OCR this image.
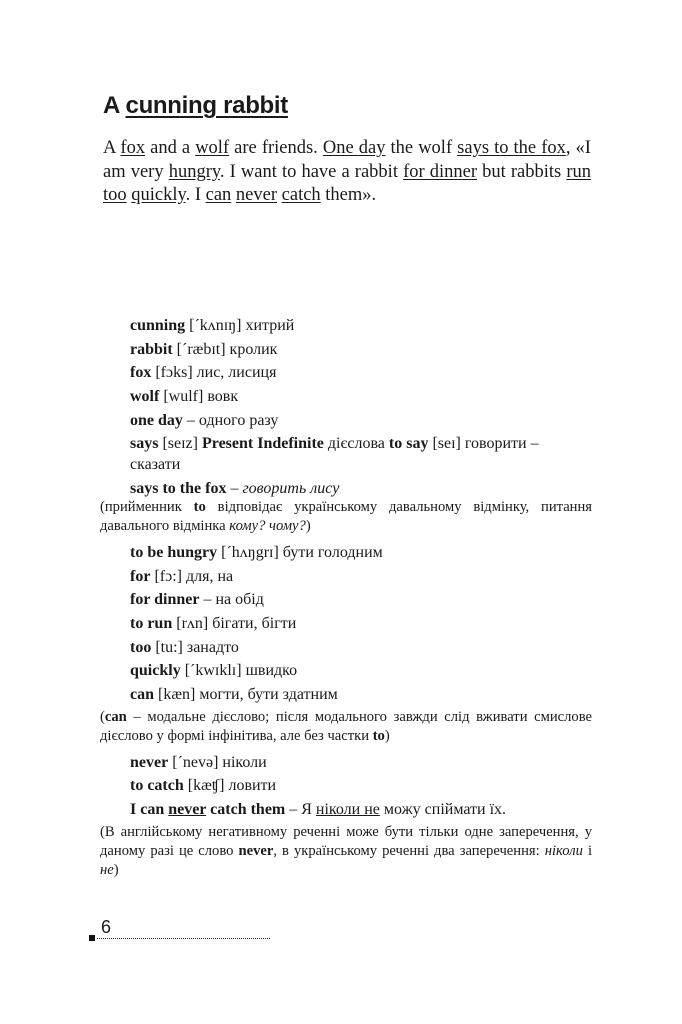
A cunning rabbit

A fox and a wolf are friends. One day the wolf says to the fox, «I am very hungry. I want to have a rabbit for dinner but rabbits run too quickly. I can never catch them».

cunning [ˊkʌnɪŋ] хитрий
rabbit [ˊræbɪt] кролик
fox [fɔks] лис, лисиця
wolf [wulf] вовк
one day – одного разу
says [seɪz] Present Indefinite дієслова to say [seɪ] говорити – сказати
says to the fox – говорить лису
(прийменник to відповідає українському давальному відмінку, питання давального відмінка кому? чому?)
to be hungry [ˊhʌŋgrɪ] бути голодним
for [fɔ:] для, на
for dinner – на обід
to run [rʌn] бігати, бігти
too [tu:] занадто
quickly [ˊkwɪklɪ] швидко
can [kæn] могти, бути здатним
(can – модальне дієслово; після модального завжди слід вживати смислове дієслово у формі інфінітива, але без частки to)
never [ˊnevə] ніколи
to catch [kæʧ] ловити
I can never catch them – Я ніколи не можу спіймати їх.
(В англійському негативному реченні може бути тільки одне заперечення, у даному разі це слово never, в українському реченні два заперечення: ніколи і не)
6
